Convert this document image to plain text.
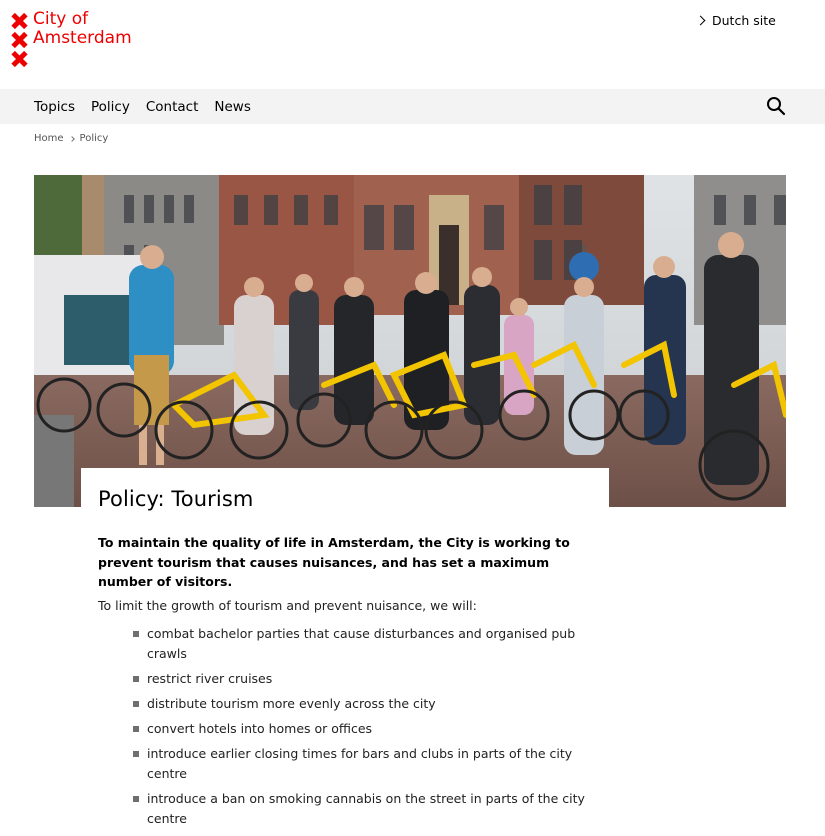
City of
Amsterdam
Dutch site
Topics Policy Contact News
Home Policy
Policy: Tourism

To maintain the quality of life in Amsterdam, the City is working to prevent tourism that causes nuisances, and has set a maximum number of visitors.

To limit the growth of tourism and prevent nuisance, we will:

combat bachelor parties that cause disturbances and organised pub crawls
restrict river cruises
distribute tourism more evenly across the city
convert hotels into homes or offices
introduce earlier closing times for bars and clubs in parts of the city centre
introduce a ban on smoking cannabis on the street in parts of the city centre
